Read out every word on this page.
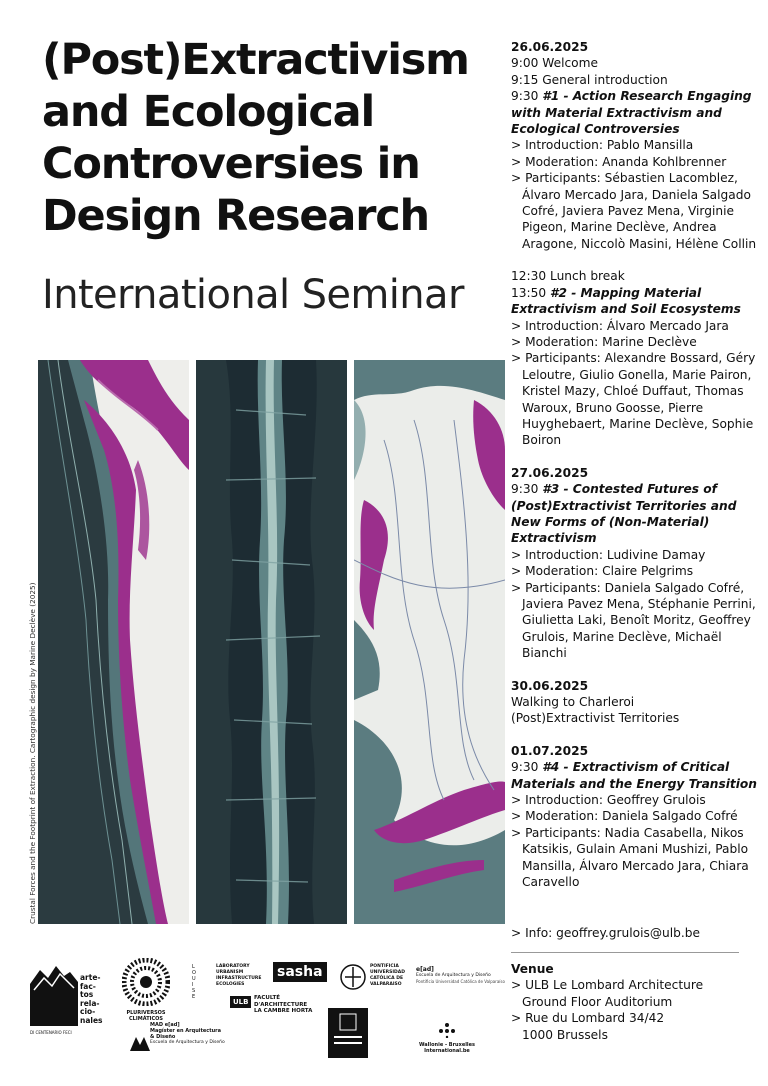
(Post)Extractivism
and Ecological
Controversies in
Design Research
International Seminar
Crustal Forces and the Footprint of Extraction. Cartographic design by Marine Declève (2025)
26.06.2025
9:00 Welcome
9:15 General introduction
9:30 #1 - Action Research Engaging with Material Extractivism and Ecological Controversies
> Introduction: Pablo Mansilla
> Moderation: Ananda Kohlbrenner
> Participants: Sébastien Lacomblez, Álvaro Mercado Jara, Daniela Salgado Cofré, Javiera Pavez Mena, Virginie Pigeon, Marine Declève, Andrea Aragone, Niccolò Masini, Hélène Collin
12:30 Lunch break
13:50 #2 - Mapping Material Extractivism and Soil Ecosystems
> Introduction: Álvaro Mercado Jara
> Moderation: Marine Declève
> Participants: Alexandre Bossard, Géry Leloutre, Giulio Gonella, Marie Pairon, Kristel Mazy, Chloé Duffaut, Thomas Waroux, Bruno Goosse, Pierre Huyghebaert, Marine Declève, Sophie Boiron
27.06.2025
9:30 #3 - Contested Futures of (Post)Extractivist Territories and New Forms of (Non-Material) Extractivism
> Introduction: Ludivine Damay
> Moderation: Claire Pelgrims
> Participants: Daniela Salgado Cofré, Javiera Pavez Mena, Stéphanie Perrini, Giulietta Laki, Benoît Moritz, Geoffrey Grulois, Marine Declève, Michaël Bianchi
30.06.2025
Walking to Charleroi
(Post)Extractivist Territories
01.07.2025
9:30 #4 - Extractivism of Critical Materials and the Energy Transition
> Introduction: Geoffrey Grulois
> Moderation: Daniela Salgado Cofré
> Participants: Nadia Casabella, Nikos Katsikis, Gulain Amani Mushizi, Pablo Mansilla, Álvaro Mercado Jara, Chiara Caravello
> Info: geoffrey.grulois@ulb.be
Venue
> ULB Le Lombard Architecture
Ground Floor Auditorium
> Rue du Lombard 34/42
1000 Brussels
arte-
fac-
tos
rela-
cio-
nales
DI CENTENARIO FECI
PLURIVERSOS
CLIMÁTICOS
L O
U I
S E
LABORATORY
URBANISM
INFRASTRUCTURE
ECOLOGIES
sasha
ULB	FACULTÉ
D'ARCHITECTURE
LA CAMBRE HORTA
PONTIFICIA
UNIVERSIDAD
CATÓLICA DE
VALPARAISO
e[ad]
Escuela de Arquitectura y Diseño
Pontificia Universidad Católica de Valparaíso
MAD e[ad]
Magíster en Arquitectura
& Diseño
Escuela de Arquitectura y Diseño	Wallonie - Bruxelles
International.be
